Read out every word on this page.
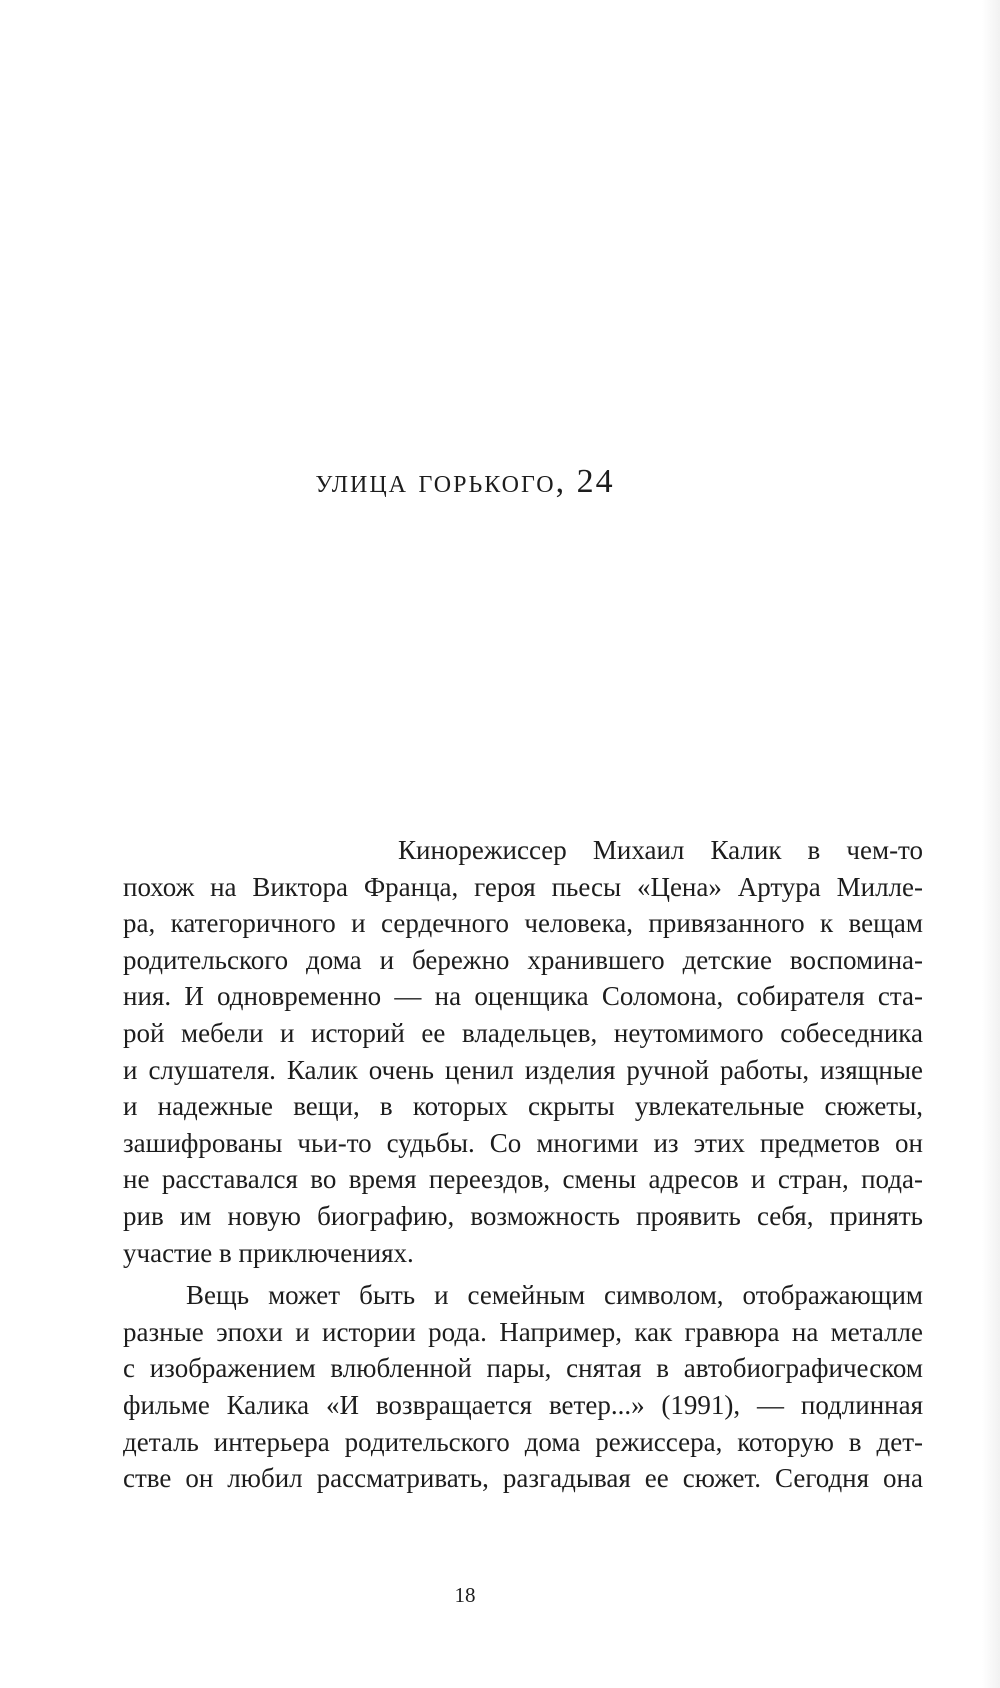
улица горького, 24
Кинорежиссер Михаил Калик в чем-то
похож на Виктора Франца, героя пьесы «Цена» Артура Милле-
ра, категоричного и сердечного человека, привязанного к вещам
родительского дома и бережно хранившего детские воспомина-
ния. И одновременно — на оценщика Соломона, собирателя ста-
рой мебели и историй ее владельцев, неутомимого собеседника
и слушателя. Калик очень ценил изделия ручной работы, изящные
и надежные вещи, в которых скрыты увлекательные сюжеты,
зашифрованы чьи-то судьбы. Со многими из этих предметов он
не расставался во время переездов, смены адресов и стран, пода-
рив им новую биографию, возможность проявить себя, принять
участие в приключениях.
Вещь может быть и семейным символом, отображающим
разные эпохи и истории рода. Например, как гравюра на металле
с изображением влюбленной пары, снятая в автобиографическом
фильме Калика «И возвращается ветер...» (1991), — подлинная
деталь интерьера родительского дома режиссера, которую в дет-
стве он любил рассматривать, разгадывая ее сюжет. Сегодня она
18
